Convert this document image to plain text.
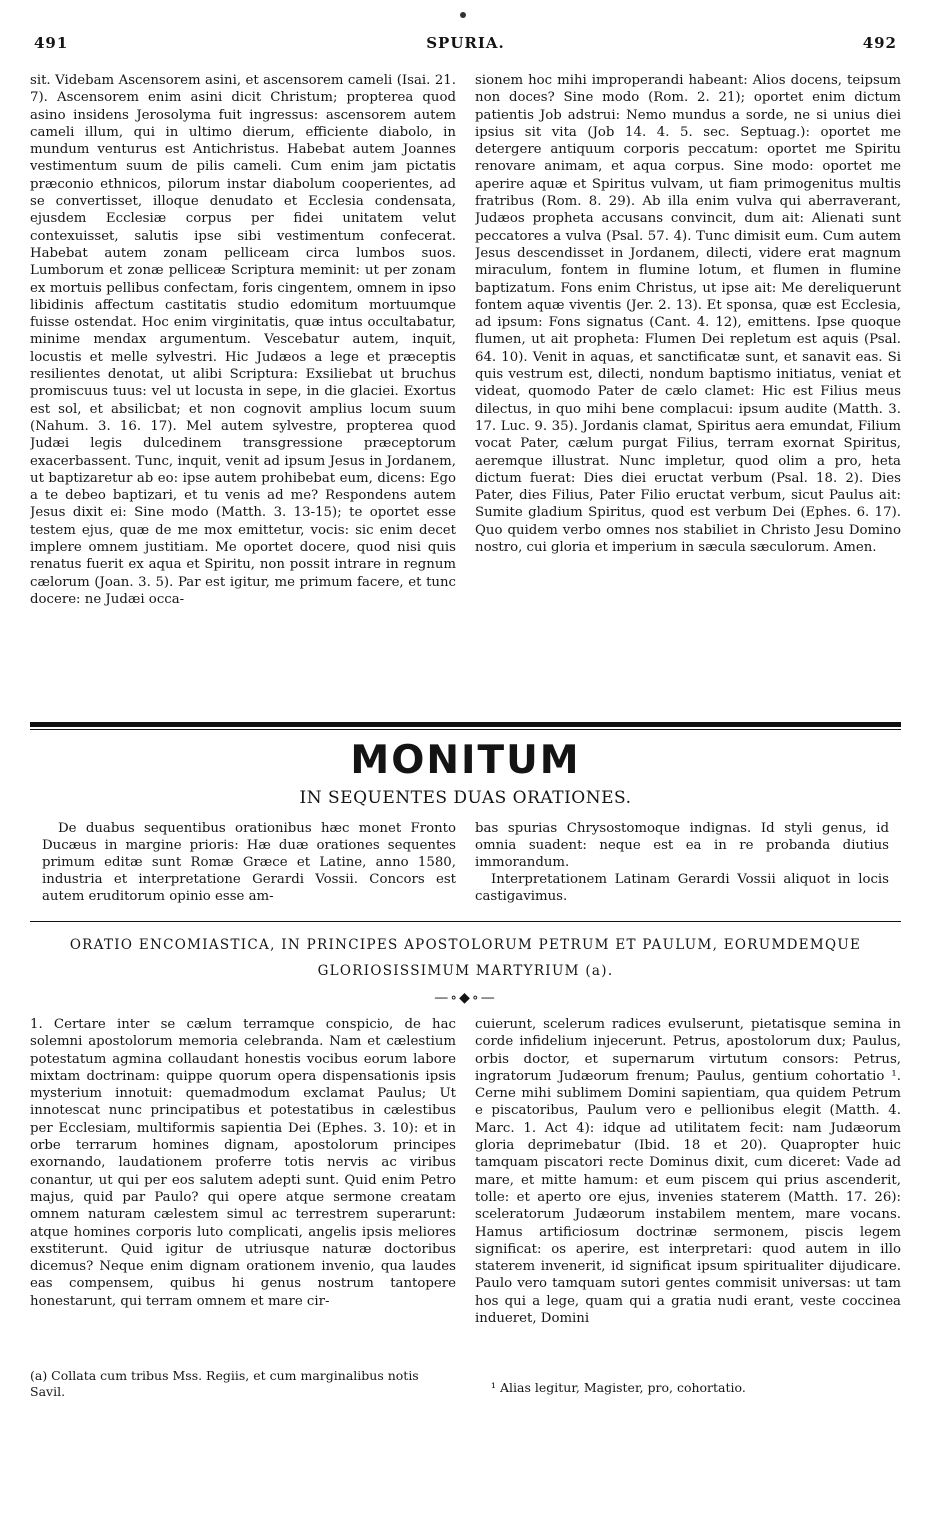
491	SPURIA.	492

sit. Videbam Ascensorem asini, et ascensorem cameli (Isai. 21. 7). Ascensorem enim asini dicit Christum; propterea quod asino insidens Jerosolyma fuit ingressus: ascensorem autem cameli illum, qui in ultimo dierum, efficiente diabolo, in mundum venturus est Antichristus. Habebat autem Joannes vestimentum suum de pilis cameli. Cum enim jam pictatis præconio ethnicos, pilorum instar diabolum cooperientes, ad se convertisset, illoque denudato et Ecclesia condensata, ejusdem Ecclesiæ corpus per fidei unitatem velut contexuisset, salutis ipse sibi vestimentum confecerat. Habebat autem zonam pelliceam circa lumbos suos. Lumborum et zonæ pelliceæ Scriptura meminit: ut per zonam ex mortuis pellibus confectam, foris cingentem, omnem in ipso libidinis affectum castitatis studio edomitum mortuumque fuisse ostendat. Hoc enim virginitatis, quæ intus occultabatur, minime mendax argumentum. Vescebatur autem, inquit, locustis et melle sylvestri. Hic Judæos a lege et præceptis resilientes denotat, ut alibi Scriptura: Exsiliebat ut bruchus promiscuus tuus: vel ut locusta in sepe, in die glaciei. Exortus est sol, et absilicbat; et non cognovit amplius locum suum (Nahum. 3. 16. 17). Mel autem sylvestre, propterea quod Judæi legis dulcedinem transgressione præceptorum exacerbassent. Tunc, inquit, venit ad ipsum Jesus in Jordanem, ut baptizaretur ab eo: ipse autem prohibebat eum, dicens: Ego a te debeo baptizari, et tu venis ad me? Respondens autem Jesus dixit ei: Sine modo (Matth. 3. 13-15); te oportet esse testem ejus, quæ de me mox emittetur, vocis: sic enim decet implere omnem justitiam. Me oportet docere, quod nisi quis renatus fuerit ex aqua et Spiritu, non possit intrare in regnum cælorum (Joan. 3. 5). Par est igitur, me primum facere, et tunc docere: ne Judæi occa-

sionem hoc mihi improperandi habeant: Alios docens, teipsum non doces? Sine modo (Rom. 2. 21); oportet enim dictum patientis Job adstrui: Nemo mundus a sorde, ne si unius diei ipsius sit vita (Job 14. 4. 5. sec. Septuag.): oportet me detergere antiquum corporis peccatum: oportet me Spiritu renovare animam, et aqua corpus. Sine modo: oportet me aperire aquæ et Spiritus vulvam, ut fiam primogenitus multis fratribus (Rom. 8. 29). Ab illa enim vulva qui aberraverant, Judæos propheta accusans convincit, dum ait: Alienati sunt peccatores a vulva (Psal. 57. 4). Tunc dimisit eum. Cum autem Jesus descendisset in Jordanem, dilecti, videre erat magnum miraculum, fontem in flumine lotum, et flumen in flumine baptizatum. Fons enim Christus, ut ipse ait: Me dereliquerunt fontem aquæ viventis (Jer. 2. 13). Et sponsa, quæ est Ecclesia, ad ipsum: Fons signatus (Cant. 4. 12), emittens. Ipse quoque flumen, ut ait propheta: Flumen Dei repletum est aquis (Psal. 64. 10). Venit in aquas, et sanctificatæ sunt, et sanavit eas. Si quis vestrum est, dilecti, nondum baptismo initiatus, veniat et videat, quomodo Pater de cælo clamet: Hic est Filius meus dilectus, in quo mihi bene complacui: ipsum audite (Matth. 3. 17. Luc. 9. 35). Jordanis clamat, Spiritus aera emundat, Filium vocat Pater, cælum purgat Filius, terram exornat Spiritus, aeremque illustrat. Nunc impletur, quod olim a pro, heta dictum fuerat: Dies diei eructat verbum (Psal. 18. 2). Dies Pater, dies Filius, Pater Filio eructat verbum, sicut Paulus ait: Sumite gladium Spiritus, quod est verbum Dei (Ephes. 6. 17). Quo quidem verbo omnes nos stabiliet in Christo Jesu Domino nostro, cui gloria et imperium in sæcula sæculorum. Amen.

MONITUM
IN SEQUENTES DUAS ORATIONES.

De duabus sequentibus orationibus hæc monet Fronto Ducæus in margine prioris: Hæ duæ orationes sequentes primum editæ sunt Romæ Græce et Latine, anno 1580, industria et interpretatione Gerardi Vossii. Concors est autem eruditorum opinio esse am-

bas spurias Chrysostomoque indignas. Id styli genus, id omnia suadent: neque est ea in re probanda diutius immorandum.

Interpretationem Latinam Gerardi Vossii aliquot in locis castigavimus.

ORATIO ENCOMIASTICA, IN PRINCIPES APOSTOLORUM PETRUM ET PAULUM, EORUMDEMQUE GLORIOSISSIMUM MARTYRIUM (a).
—∘◆∘—

1. Certare inter se cælum terramque conspicio, de hac solemni apostolorum memoria celebranda. Nam et cælestium potestatum agmina collaudant honestis vocibus eorum labore mixtam doctrinam: quippe quorum opera dispensationis ipsis mysterium innotuit: quemadmodum exclamat Paulus; Ut innotescat nunc principatibus et potestatibus in cælestibus per Ecclesiam, multiformis sapientia Dei (Ephes. 3. 10): et in orbe terrarum homines dignam, apostolorum principes exornando, laudationem proferre totis nervis ac viribus conantur, ut qui per eos salutem adepti sunt. Quid enim Petro majus, quid par Paulo? qui opere atque sermone creatam omnem naturam cælestem simul ac terrestrem superarunt: atque homines corporis luto complicati, angelis ipsis meliores exstiterunt. Quid igitur de utriusque naturæ doctoribus dicemus? Neque enim dignam orationem invenio, qua laudes eas compensem, quibus hi genus nostrum tantopere honestarunt, qui terram omnem et mare cir-

cuierunt, scelerum radices evulserunt, pietatisque semina in corde infidelium injecerunt. Petrus, apostolorum dux; Paulus, orbis doctor, et supernarum virtutum consors: Petrus, ingratorum Judæorum frenum; Paulus, gentium cohortatio ¹. Cerne mihi sublimem Domini sapientiam, qua quidem Petrum e piscatoribus, Paulum vero e pellionibus elegit (Matth. 4. Marc. 1. Act 4): idque ad utilitatem fecit: nam Judæorum gloria deprimebatur (Ibid. 18 et 20). Quapropter huic tamquam piscatori recte Dominus dixit, cum diceret: Vade ad mare, et mitte hamum: et eum piscem qui prius ascenderit, tolle: et aperto ore ejus, invenies staterem (Matth. 17. 26): sceleratorum Judæorum instabilem mentem, mare vocans. Hamus artificiosum doctrinæ sermonem, piscis legem significat: os aperire, est interpretari: quod autem in illo staterem invenerit, id significat ipsum spiritualiter dijudicare. Paulo vero tamquam sutori gentes commisit universas: ut tam hos qui a lege, quam qui a gratia nudi erant, veste coccinea indueret, Domini

(a) Collata cum tribus Mss. Regiis, et cum marginalibus notis Savil.	¹ Alias legitur, Magister, pro, cohortatio.
